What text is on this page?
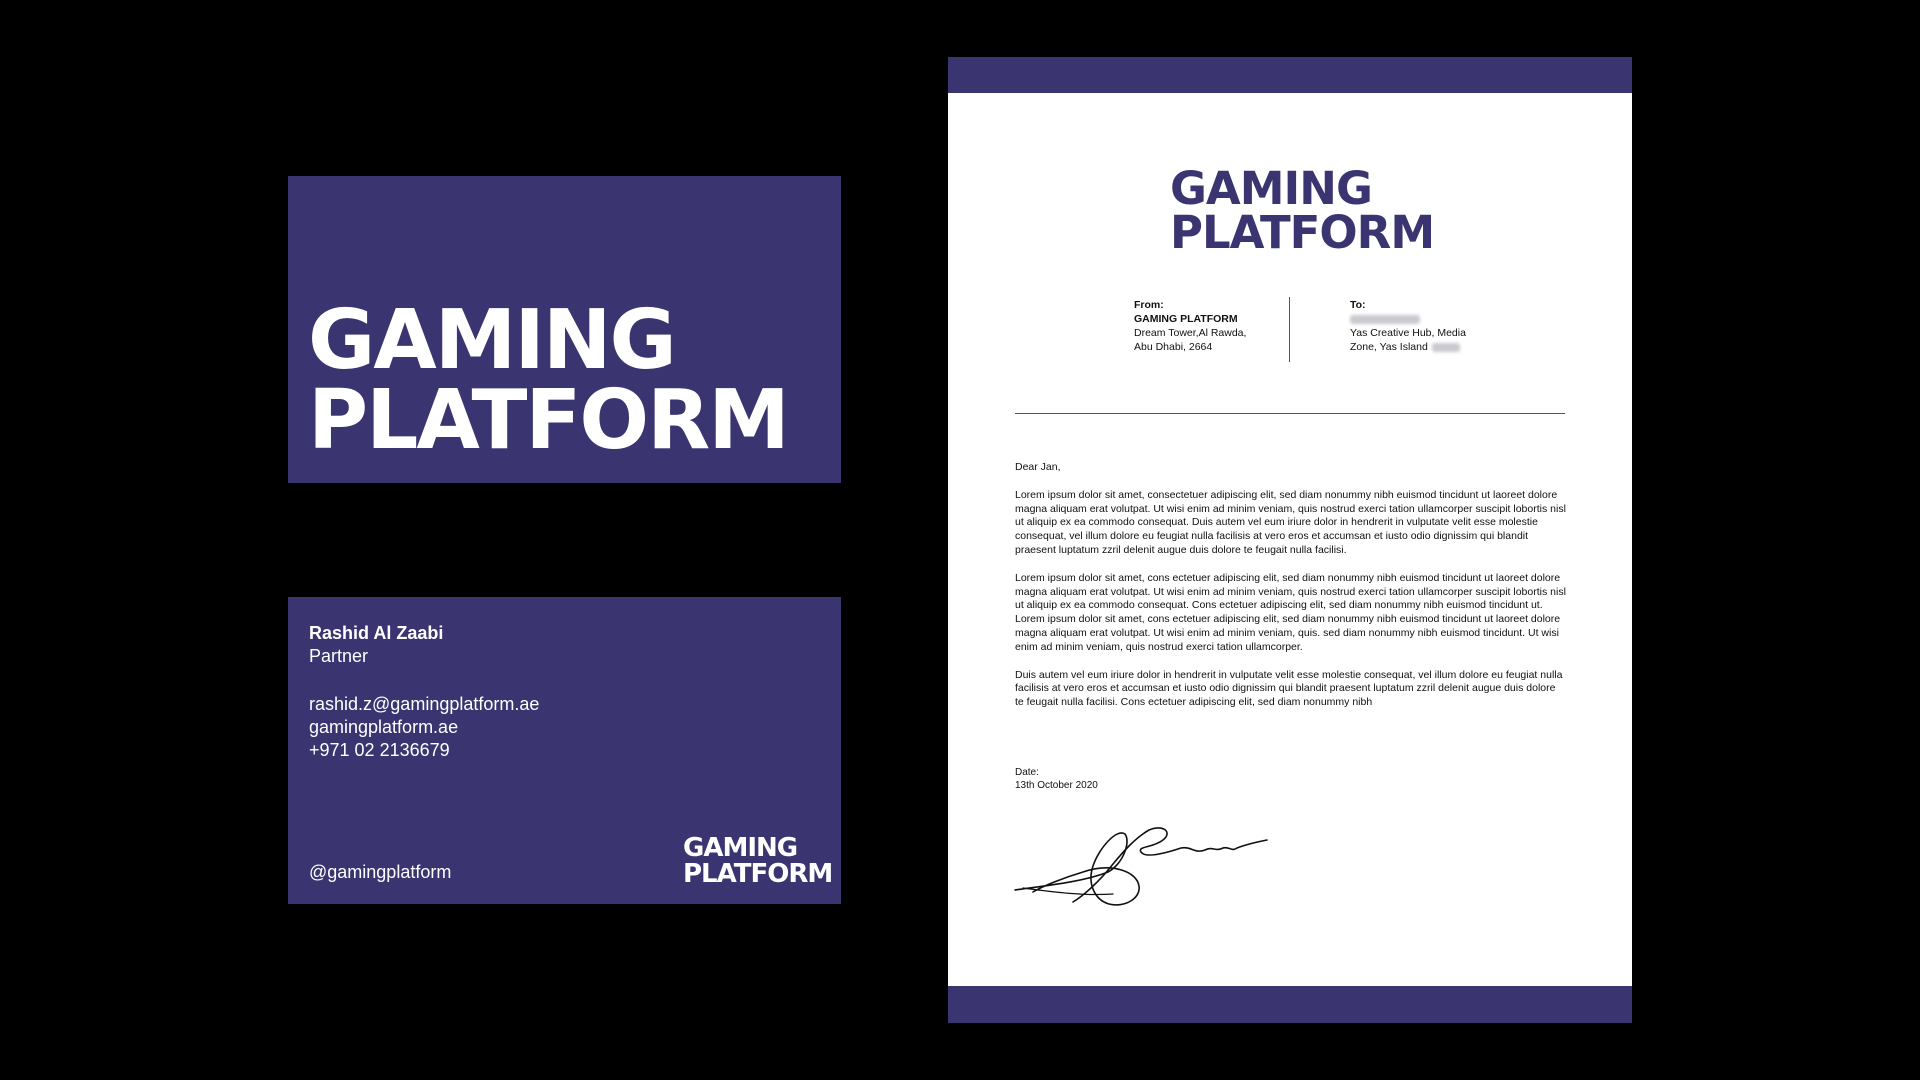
GAMING
PLATFORM
Rashid Al Zaabi
Partner
rashid.z@gamingplatform.ae
gamingplatform.ae
+971 02 2136679
@gamingplatform
GAMING
PLATFORM
GAMING
PLATFORM
From:
GAMING PLATFORM
Dream Tower,Al Rawda,
Abu Dhabi, 2664
To:
Yas Creative Hub, Media
Zone, Yas Island

Dear Jan,

Lorem ipsum dolor sit amet, consectetuer adipiscing elit, sed diam nonummy nibh euismod tincidunt ut laoreet dolore magna aliquam erat volutpat. Ut wisi enim ad minim veniam, quis nostrud exerci tation ullamcorper suscipit lobortis nisl ut aliquip ex ea commodo consequat. Duis autem vel eum iriure dolor in hendrerit in vulputate velit esse molestie consequat, vel illum dolore eu feugiat nulla facilisis at vero eros et accumsan et iusto odio dignissim qui blandit praesent luptatum zzril delenit augue duis dolore te feugait nulla facilisi.

Lorem ipsum dolor sit amet, cons ectetuer adipiscing elit, sed diam nonummy nibh euismod tincidunt ut laoreet dolore magna aliquam erat volutpat. Ut wisi enim ad minim veniam, quis nostrud exerci tation ullamcorper suscipit lobortis nisl ut aliquip ex ea commodo consequat. Cons ectetuer adipiscing elit, sed diam nonummy nibh euismod tincidunt ut. Lorem ipsum dolor sit amet, cons ectetuer adipiscing elit, sed diam nonummy nibh euismod tincidunt ut laoreet dolore magna aliquam erat volutpat. Ut wisi enim ad minim veniam, quis. sed diam nonummy nibh euismod tincidunt. Ut wisi enim ad minim veniam, quis nostrud exerci tation ullamcorper.

Duis autem vel eum iriure dolor in hendrerit in vulputate velit esse molestie consequat, vel illum dolore eu feugiat nulla facilisis at vero eros et accumsan et iusto odio dignissim qui blandit praesent luptatum zzril delenit augue duis dolore te feugait nulla facilisi. Cons ectetuer adipiscing elit, sed diam nonummy nibh

Date:
13th October 2020
